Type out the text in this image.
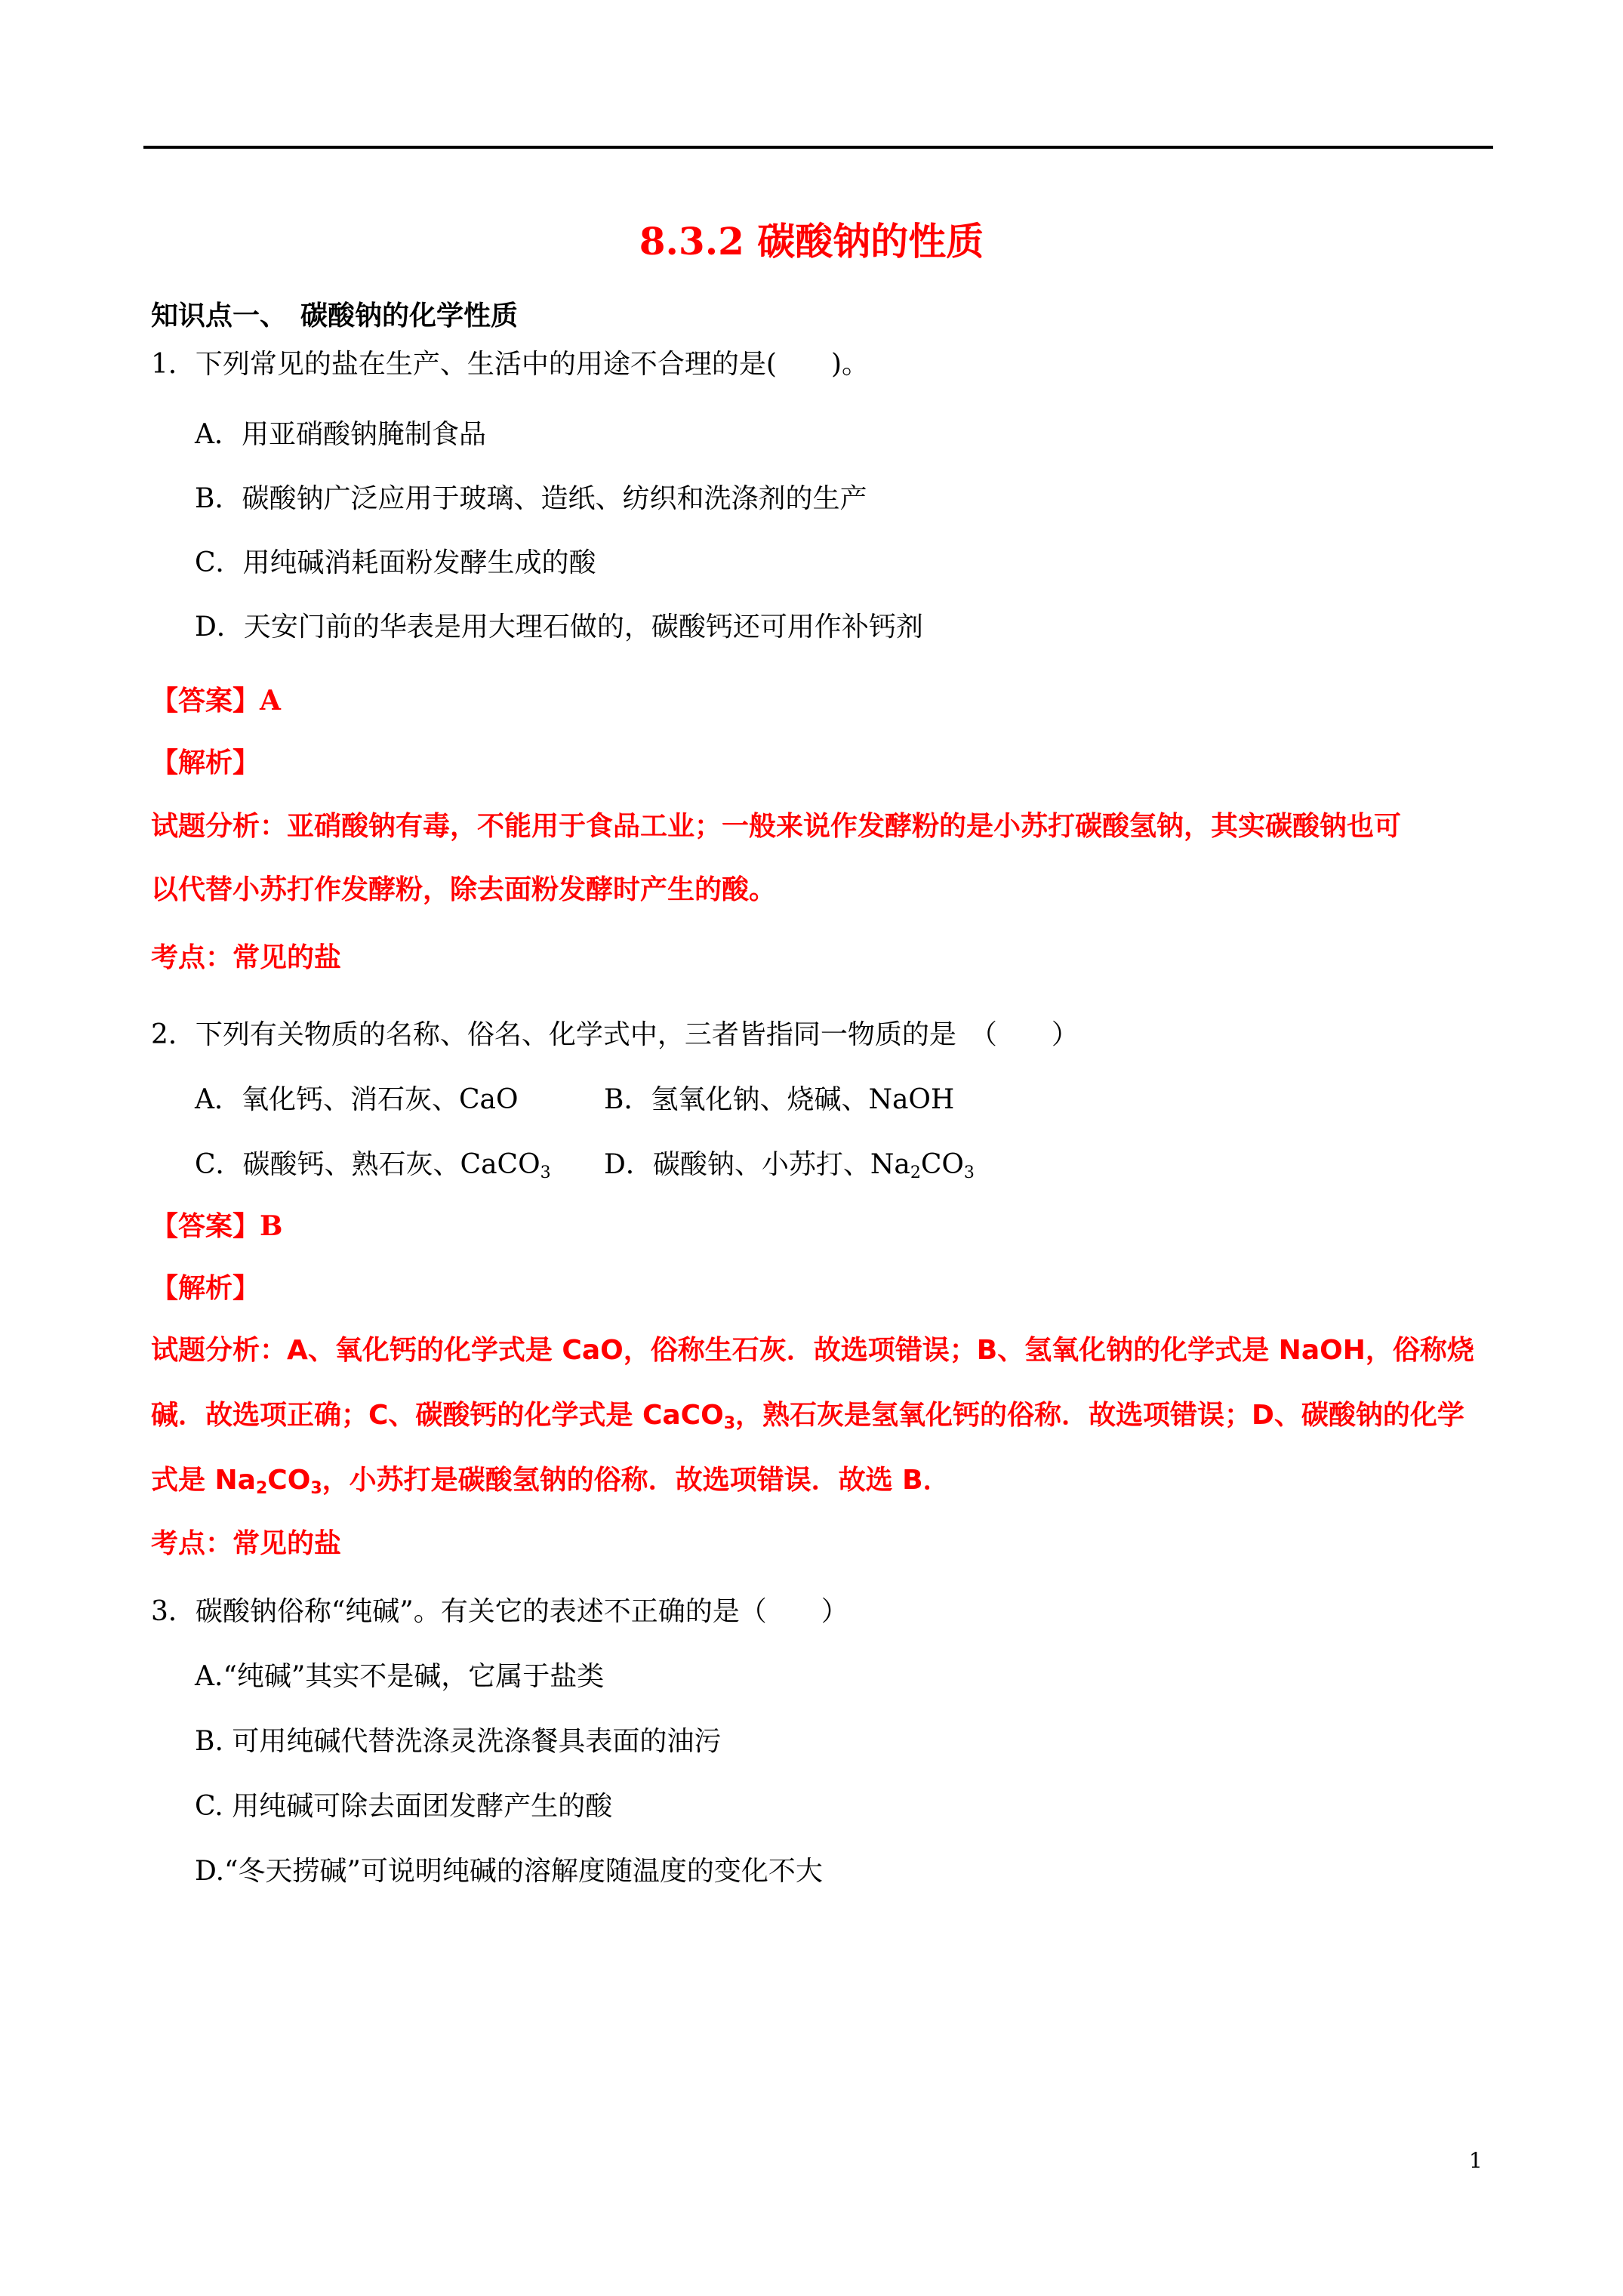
8.3.2 碳酸钠的性质
知识点一、　碳酸钠的化学性质
1．下列常见的盐在生产、生活中的用途不合理的是(　　)。
A．用亚硝酸钠腌制食品
B．碳酸钠广泛应用于玻璃、造纸、纺织和洗涤剂的生产
C．用纯碱消耗面粉发酵生成的酸
D．天安门前的华表是用大理石做的，碳酸钙还可用作补钙剂
【答案】A
【解析】
试题分析：亚硝酸钠有毒，不能用于食品工业；一般来说作发酵粉的是小苏打碳酸氢钠，其实碳酸钠也可
以代替小苏打作发酵粉，除去面粉发酵时产生的酸。
考点：常见的盐
2．下列有关物质的名称、俗名、化学式中，三者皆指同一物质的是　（　　）
A．氧化钙、消石灰、CaO	B．氢氧化钠、烧碱、NaOH
C．碳酸钙、熟石灰、CaCO$_3$ D．碳酸钠、小苏打、$Na_2CO_3$
【答案】B
【解析】
试题分析：A、氧化钙的化学式是 CaO，俗称生石灰．故选项错误；B、氢氧化钠的化学式是 NaOH，俗称烧
碱．故选项正确；C、碳酸钙的化学式是 CaCO$_3$，熟石灰是氢氧化钙的俗称．故选项错误；D、碳酸钠的化学
式是 $Na_2CO_3$，小苏打是碳酸氢钠的俗称．故选项错误．故选 B．
考点：常见的盐
3．碳酸钠俗称“纯碱”。有关它的表述不正确的是（　　）
A.“纯碱”其实不是碱，它属于盐类
B. 可用纯碱代替洗涤灵洗涤餐具表面的油污
C. 用纯碱可除去面团发酵产生的酸
D.“冬天捞碱”可说明纯碱的溶解度随温度的变化不大
1
